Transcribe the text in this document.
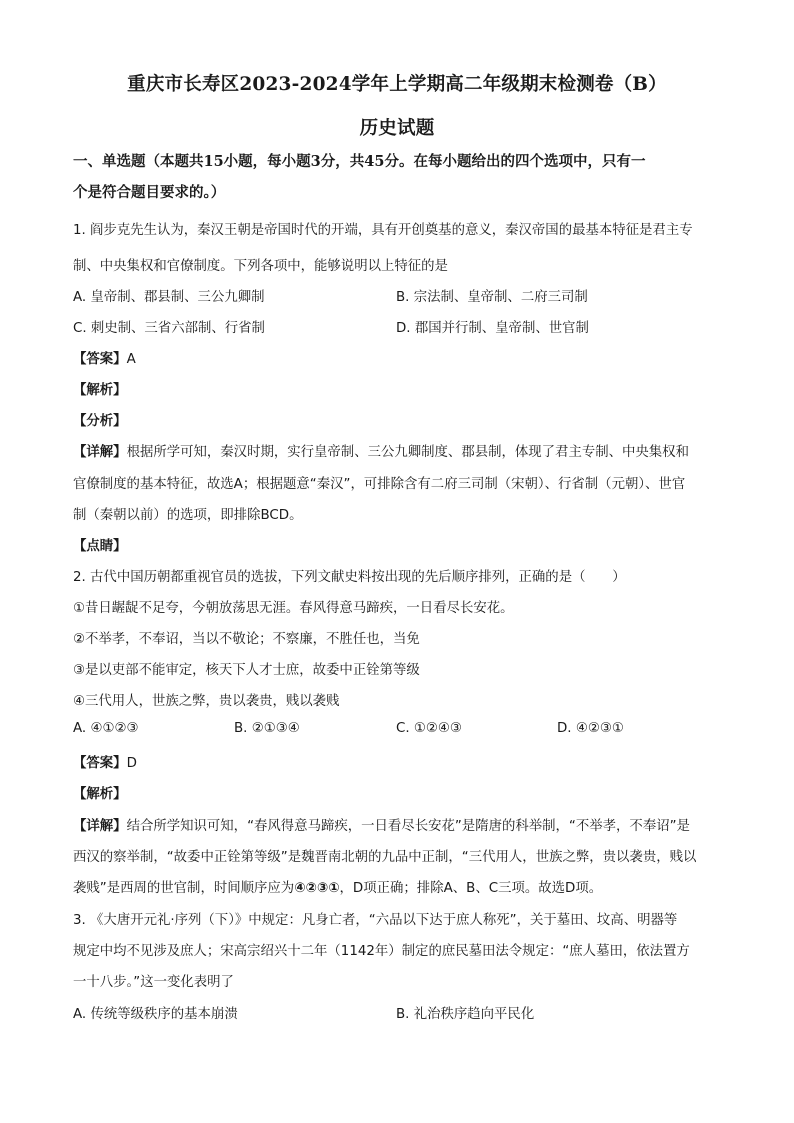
重庆市长寿区2023-2024学年上学期高二年级期末检测卷（B）
历史试题
一、单选题（本题共15小题，每小题3分，共45分。在每小题给出的四个选项中，只有一
个是符合题目要求的。）
1. 阎步克先生认为，秦汉王朝是帝国时代的开端，具有开创奠基的意义，秦汉帝国的最基本特征是君主专
制、中央集权和官僚制度。下列各项中，能够说明以上特征的是
A. 皇帝制、郡县制、三公九卿制	B. 宗法制、皇帝制、二府三司制
C. 刺史制、三省六部制、行省制	D. 郡国并行制、皇帝制、世官制
【答案】A
【解析】
【分析】
【详解】根据所学可知，秦汉时期，实行皇帝制、三公九卿制度、郡县制，体现了君主专制、中央集权和
官僚制度的基本特征，故选A；根据题意“秦汉”，可排除含有二府三司制（宋朝）、行省制（元朝）、世官
制（秦朝以前）的选项，即排除BCD。
【点睛】
2. 古代中国历朝都重视官员的选拔，下列文献史料按出现的先后顺序排列，正确的是（　　）
①昔日龌龊不足夸，今朝放荡思无涯。春风得意马蹄疾，一日看尽长安花。
②不举孝，不奉诏，当以不敬论；不察廉，不胜任也，当免
③是以吏部不能审定，核天下人才士庶，故委中正铨第等级
④三代用人，世族之弊，贵以袭贵，贱以袭贱
A. ④①②③	B. ②①③④	C. ①②④③	D. ④②③①
【答案】D
【解析】
【详解】结合所学知识可知，“春风得意马蹄疾，一日看尽长安花”是隋唐的科举制，“不举孝，不奉诏”是
西汉的察举制，“故委中正铨第等级”是魏晋南北朝的九品中正制，“三代用人，世族之弊，贵以袭贵，贱以
袭贱”是西周的世官制，时间顺序应为④②③①，D项正确；排除A、B、C三项。故选D项。
3. 《大唐开元礼·序列（下）》中规定：凡身亡者，“六品以下达于庶人称死”，关于墓田、坟高、明器等
规定中均不见涉及庶人；宋高宗绍兴十二年（1142年）制定的庶民墓田法令规定：“庶人墓田，依法置方
一十八步。”这一变化表明了
A. 传统等级秩序的基本崩溃	B. 礼治秩序趋向平民化
